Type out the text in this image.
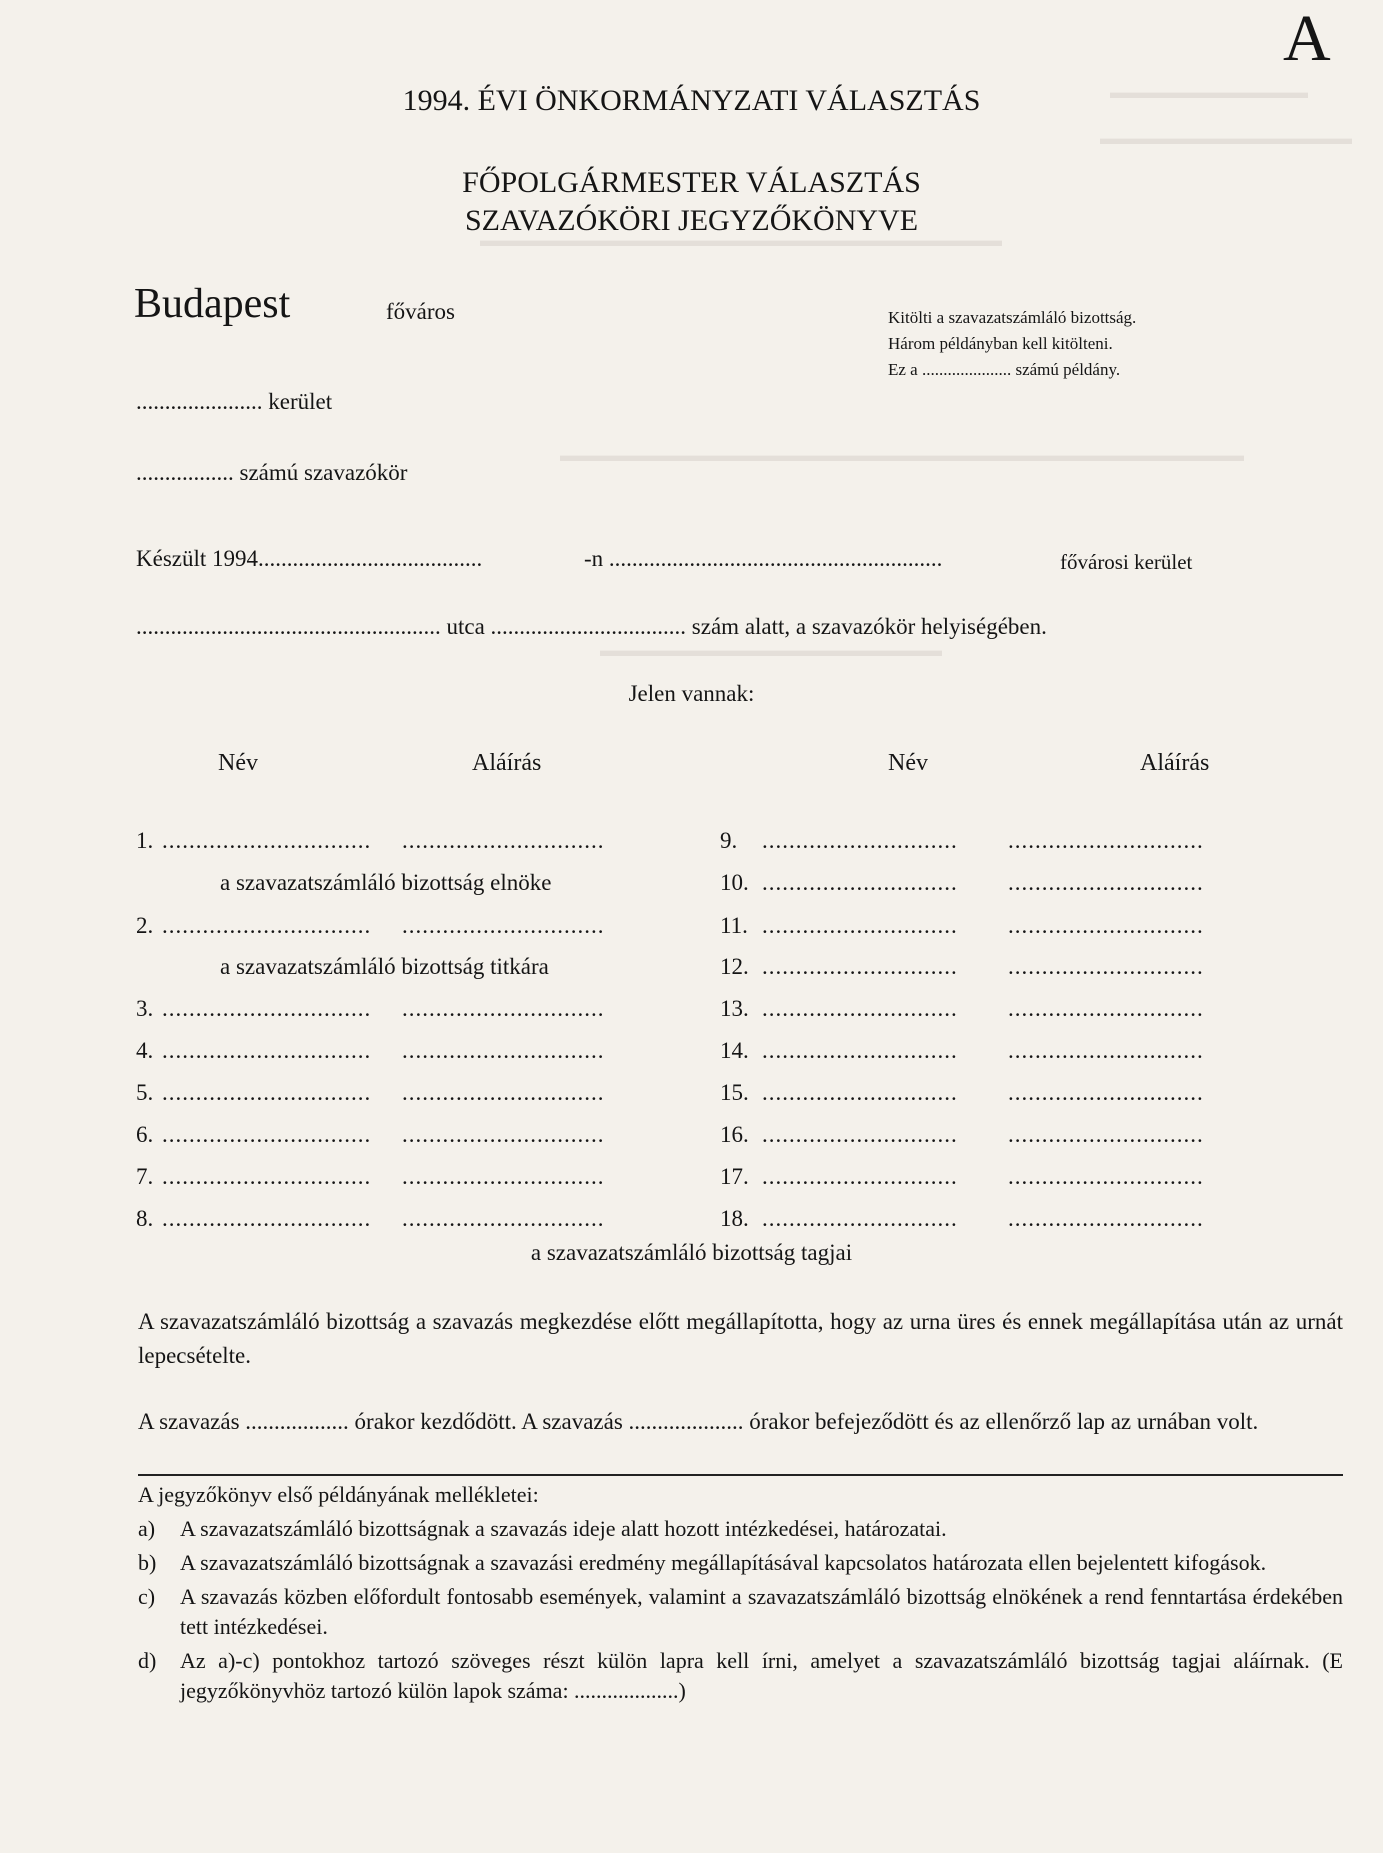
▬▬▬▬▬▬▬▬▬▬▬
▬▬▬▬▬▬▬▬▬▬▬▬▬▬
▬▬▬▬▬▬▬▬▬▬▬▬▬▬▬▬▬▬▬▬▬▬▬▬▬▬▬▬▬
▬▬▬▬▬▬▬▬▬▬▬▬▬▬▬▬▬▬▬▬▬▬▬▬▬▬▬▬▬▬▬▬▬▬▬▬▬▬
▬▬▬▬▬▬▬▬▬▬▬▬▬▬▬▬▬▬▬
A
1994. ÉVI ÖNKORMÁNYZATI VÁLASZTÁS
FŐPOLGÁRMESTER VÁLASZTÁS
SZAVAZÓKÖRI JEGYZŐKÖNYVE
Budapest	főváros	Kitölti a szavazatszámláló bizottság.
Három példányban kell kitölteni.
Ez a ..................... számú példány.
...................... kerület
................. számú szavazókör
Készült 1994.......................................	-n ..........................................................	fővárosi kerület
..................................................... utca .................................. szám alatt, a szavazókör helyiségében.
Jelen vannak:
Név	Aláírás	Név	Aláírás
a szavazatszámláló bizottság elnöke
a szavazatszámláló bizottság titkára
a szavazatszámláló bizottság tagjai
A szavazatszámláló bizottság a szavazás megkezdése előtt megállapította, hogy az urna üres és ennek megállapítása után az urnát lepecsételte.
A szavazás .................. órakor kezdődött. A szavazás .................... órakor befejeződött és az ellenőrző lap az urnában volt.
A jegyzőkönyv első példányának mellékletei:
a) A szavazatszámláló bizottságnak a szavazás ideje alatt hozott intézkedései, határozatai.
b) A szavazatszámláló bizottságnak a szavazási eredmény megállapításával kapcsolatos határozata ellen bejelentett kifogások.
c) A szavazás közben előfordult fontosabb események, valamint a szavazatszámláló bizottság elnökének a rend fenntartása érdekében tett intézkedései.
d) Az a)-c) pontokhoz tartozó szöveges részt külön lapra kell írni, amelyet a szavazatszámláló bizottság tagjai aláírnak. (E jegyzőkönyvhöz tartozó külön lapok száma: ...................)
1. ............................... ..............................
2. ............................... ..............................
3. ............................... ..............................
4. ............................... ..............................
5. ............................... ..............................
6. ............................... ..............................
7. ............................... ..............................
8. ............................... ..............................
9. ............................. .............................
10. ............................. .............................
11. ............................. .............................
12. ............................. .............................
13. ............................. .............................
14. ............................. .............................
15. ............................. .............................
16. ............................. .............................
17. ............................. .............................
18. ............................. .............................
